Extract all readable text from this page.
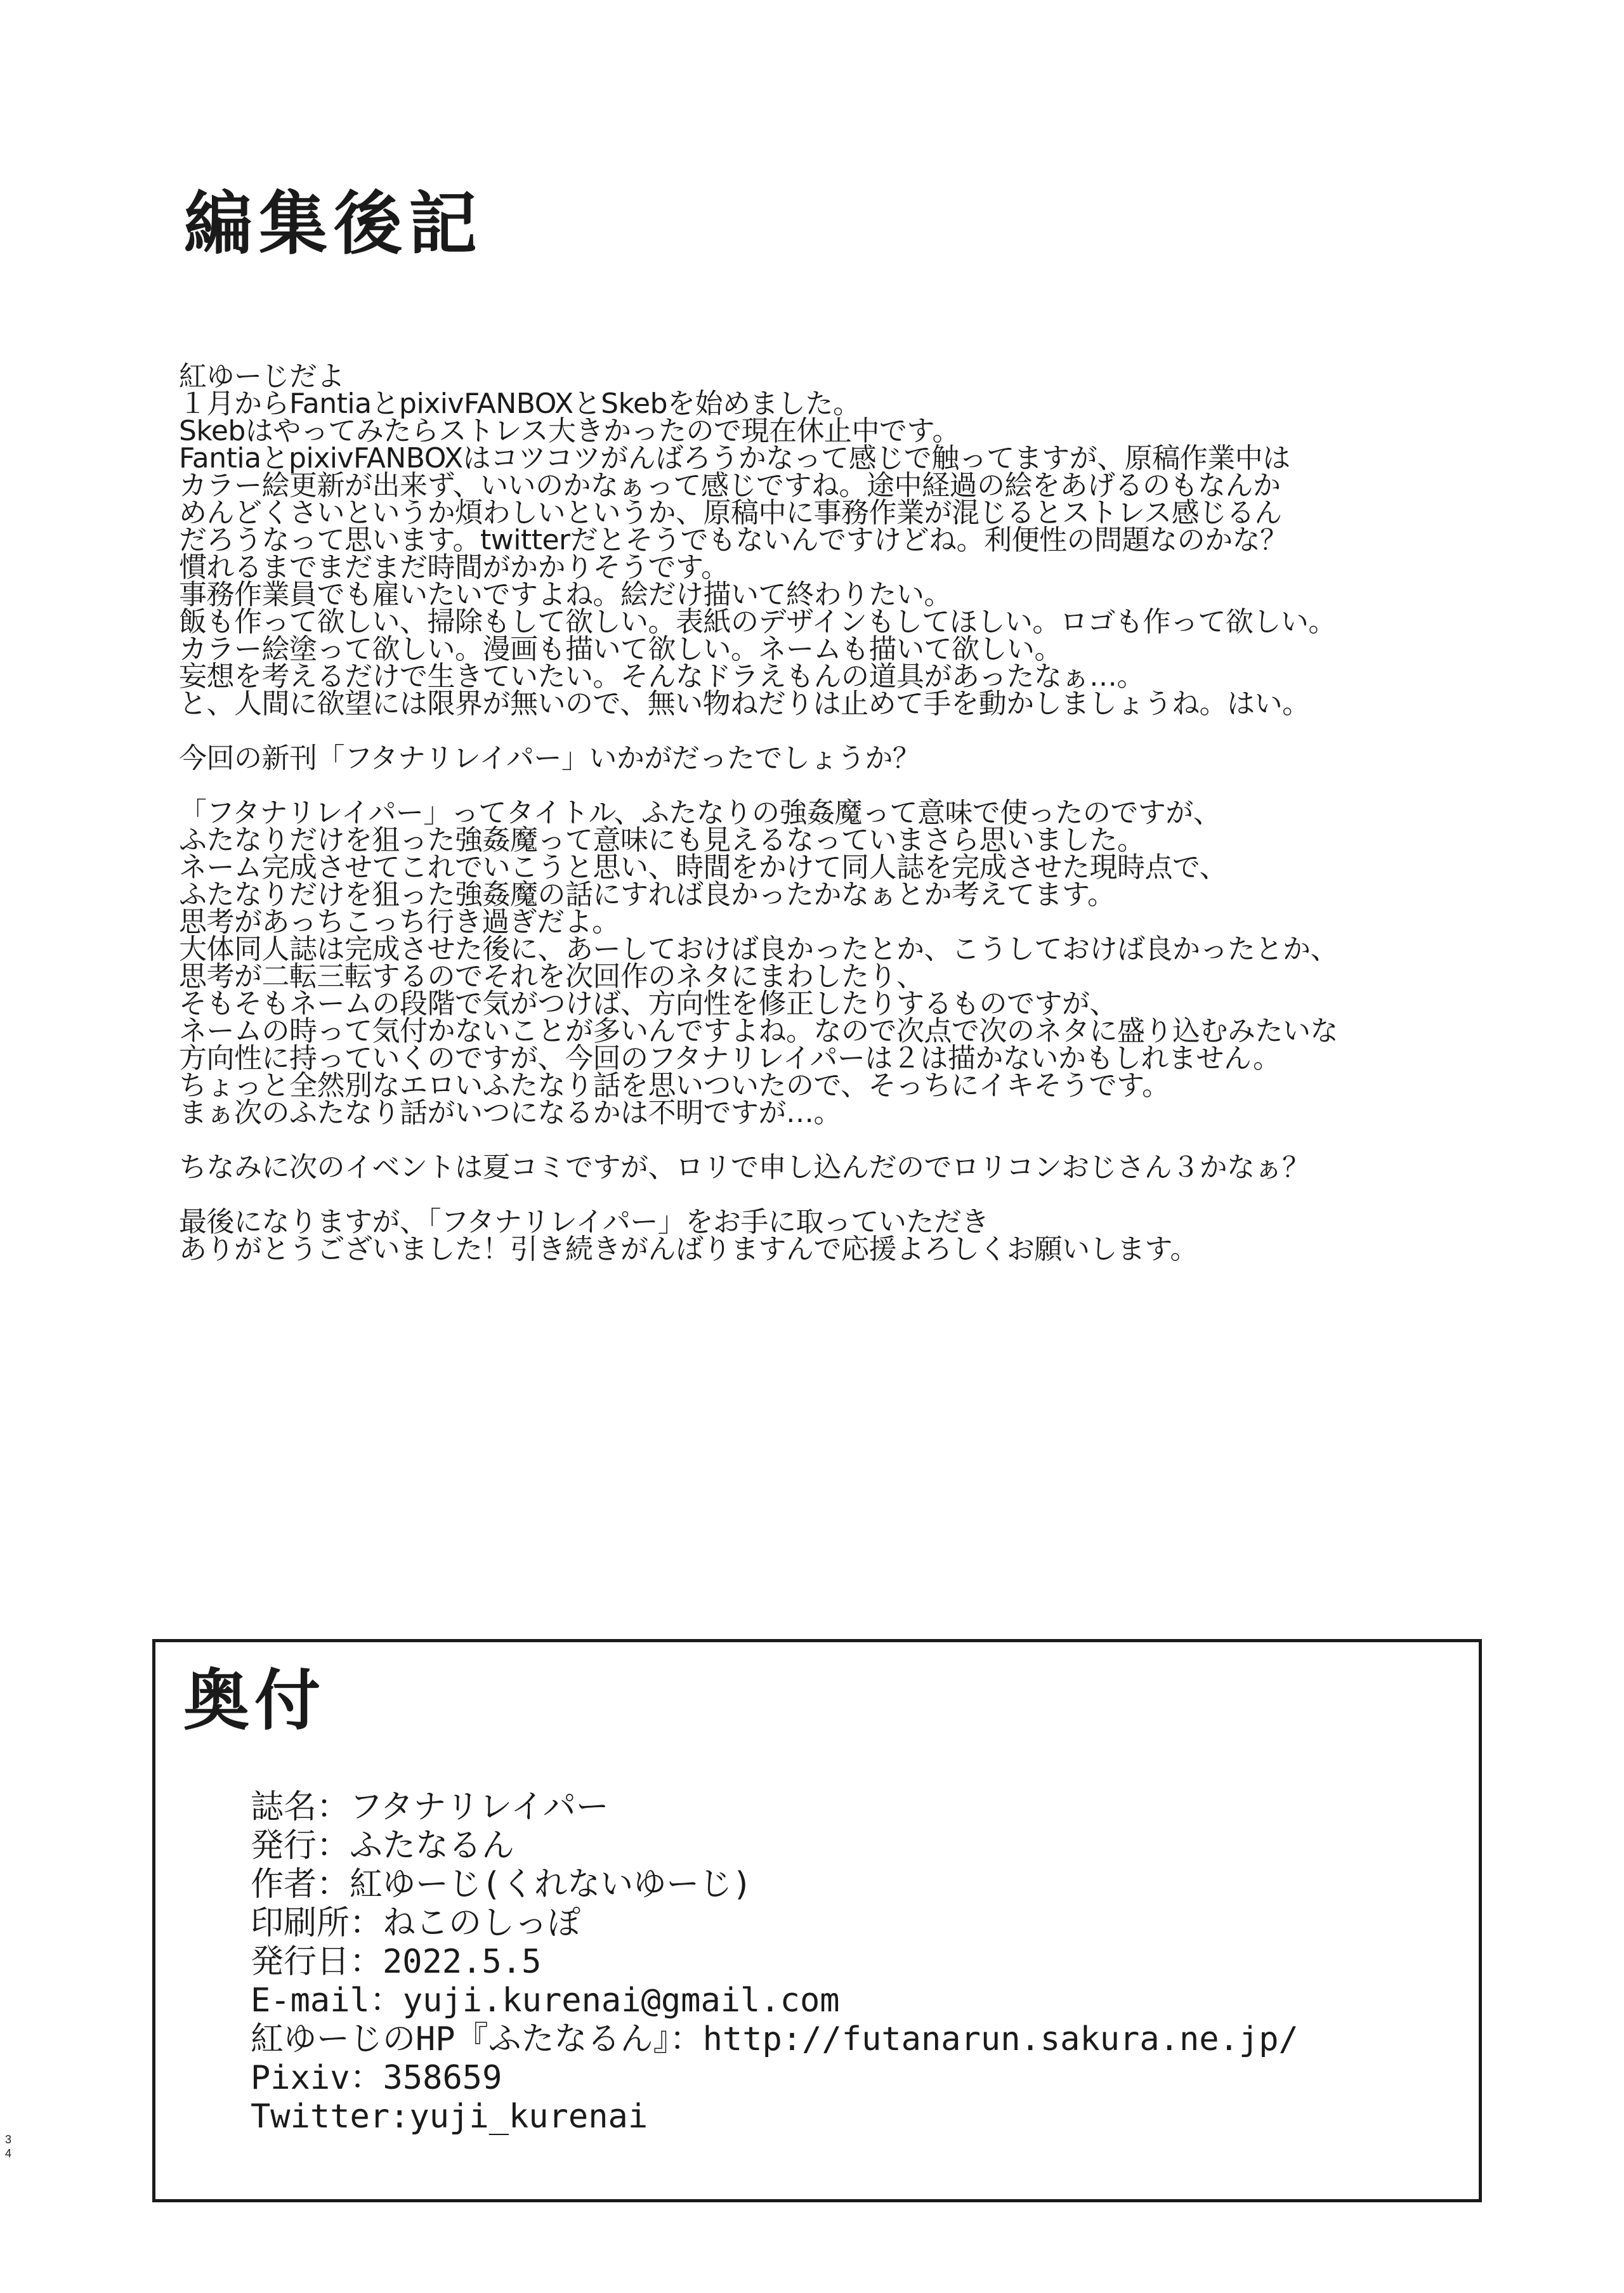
編集後記
紅ゆーじだよ
１月からFantiaとpixivFANBOXとSkebを始めました。
Skebはやってみたらストレス大きかったので現在休止中です。
FantiaとpixivFANBOXはコツコツがんばろうかなって感じで触ってますが、原稿作業中は
カラー絵更新が出来ず、いいのかなぁって感じですね。途中経過の絵をあげるのもなんか
めんどくさいというか煩わしいというか、原稿中に事務作業が混じるとストレス感じるん
だろうなって思います。twitterだとそうでもないんですけどね。利便性の問題なのかな？
慣れるまでまだまだ時間がかかりそうです。
事務作業員でも雇いたいですよね。絵だけ描いて終わりたい。
飯も作って欲しい、掃除もして欲しい。表紙のデザインもしてほしい。ロゴも作って欲しい。
カラー絵塗って欲しい。漫画も描いて欲しい。ネームも描いて欲しい。
妄想を考えるだけで生きていたい。そんなドラえもんの道具があったなぁ…。
と、人間に欲望には限界が無いので、無い物ねだりは止めて手を動かしましょうね。はい。
今回の新刊「フタナリレイパー」いかがだったでしょうか？
「フタナリレイパー」ってタイトル、ふたなりの強姦魔って意味で使ったのですが、
ふたなりだけを狙った強姦魔って意味にも見えるなっていまさら思いました。
ネーム完成させてこれでいこうと思い、時間をかけて同人誌を完成させた現時点で、
ふたなりだけを狙った強姦魔の話にすれば良かったかなぁとか考えてます。
思考があっちこっち行き過ぎだよ。
大体同人誌は完成させた後に、あーしておけば良かったとか、こうしておけば良かったとか、
思考が二転三転するのでそれを次回作のネタにまわしたり、
そもそもネームの段階で気がつけば、方向性を修正したりするものですが、
ネームの時って気付かないことが多いんですよね。なので次点で次のネタに盛り込むみたいな
方向性に持っていくのですが、今回のフタナリレイパーは２は描かないかもしれません。
ちょっと全然別なエロいふたなり話を思いついたので、そっちにイキそうです。
まぁ次のふたなり話がいつになるかは不明ですが…。
ちなみに次のイベントは夏コミですが、ロリで申し込んだのでロリコンおじさん３かなぁ？
最後になりますが、「フタナリレイパー」をお手に取っていただき
ありがとうございました！引き続きがんばりますんで応援よろしくお願いします。
奥付
誌名：フタナリレイパー
発行：ふたなるん
作者：紅ゆーじ(くれないゆーじ)
印刷所：ねこのしっぽ
発行日：2022.5.5
E-mail：yuji.kurenai@gmail.com
紅ゆーじのHP『ふたなるん』：http://futanarun.sakura.ne.jp/
Pixiv：358659
Twitter:yuji_kurenai
34
